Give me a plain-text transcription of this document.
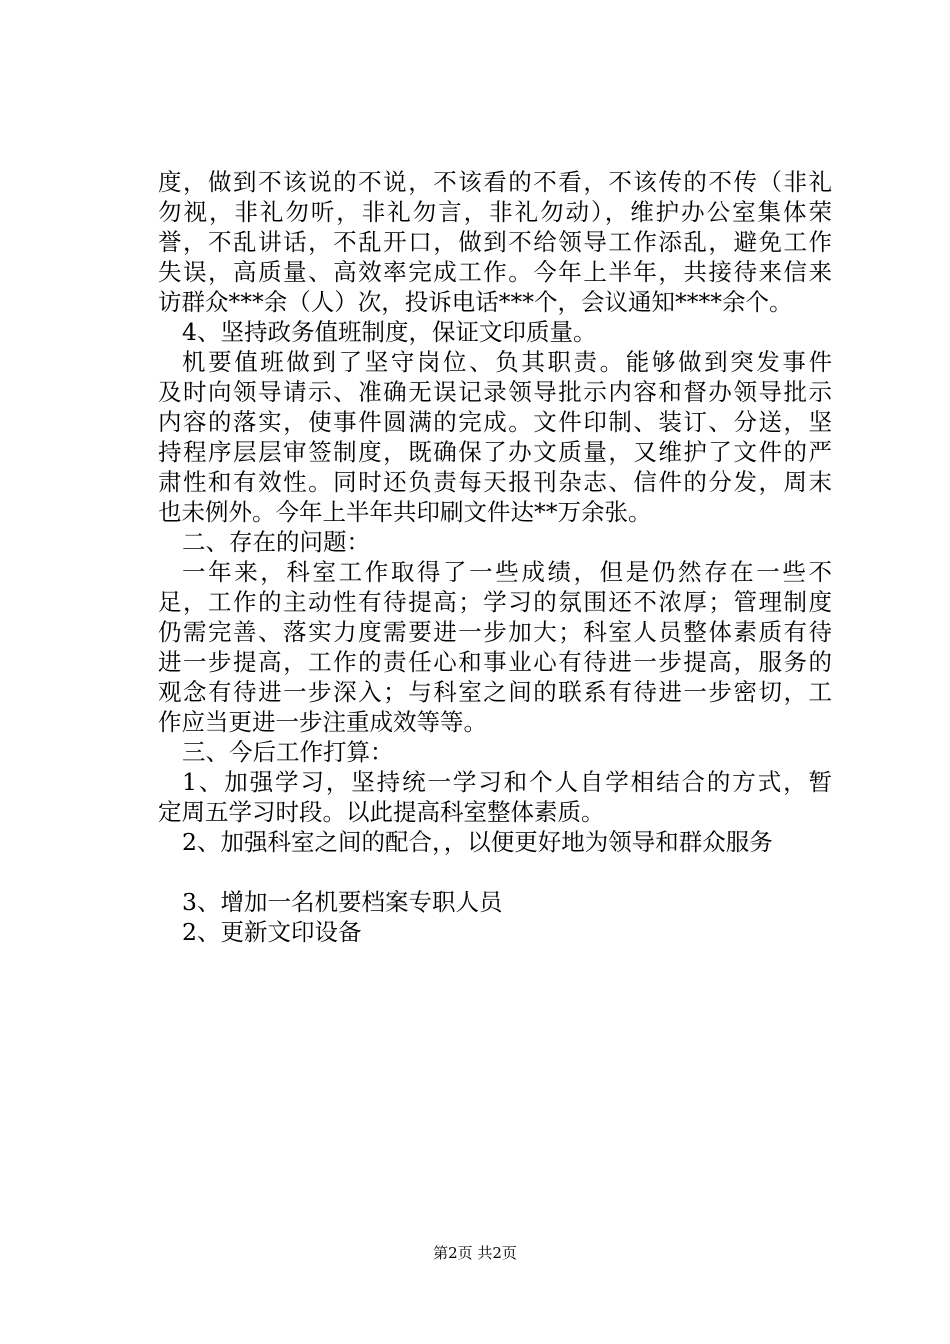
度，做到不该说的不说，不该看的不看，不该传的不传（非礼
勿视，非礼勿听，非礼勿言，非礼勿动），维护办公室集体荣
誉，不乱讲话，不乱开口，做到不给领导工作添乱，避免工作
失误，高质量、高效率完成工作。今年上半年，共接待来信来
访群众***余（人）次，投诉电话***个，会议通知****余个。
4、坚持政务值班制度，保证文印质量。
机要值班做到了坚守岗位、负其职责。能够做到突发事件
及时向领导请示、准确无误记录领导批示内容和督办领导批示
内容的落实，使事件圆满的完成。文件印制、装订、分送，坚
持程序层层审签制度，既确保了办文质量，又维护了文件的严
肃性和有效性。同时还负责每天报刊杂志、信件的分发，周末
也未例外。今年上半年共印刷文件达**万余张。
二、存在的问题：
一年来，科室工作取得了一些成绩，但是仍然存在一些不
足，工作的主动性有待提高；学习的氛围还不浓厚；管理制度
仍需完善、落实力度需要进一步加大；科室人员整体素质有待
进一步提高，工作的责任心和事业心有待进一步提高，服务的
观念有待进一步深入；与科室之间的联系有待进一步密切，工
作应当更进一步注重成效等等。
三、今后工作打算：
1、加强学习，坚持统一学习和个人自学相结合的方式，暂
定周五学习时段。以此提高科室整体素质。
2、加强科室之间的配合，，以便更好地为领导和群众服务
3、增加一名机要档案专职人员
2、更新文印设备
第2页 共2页
